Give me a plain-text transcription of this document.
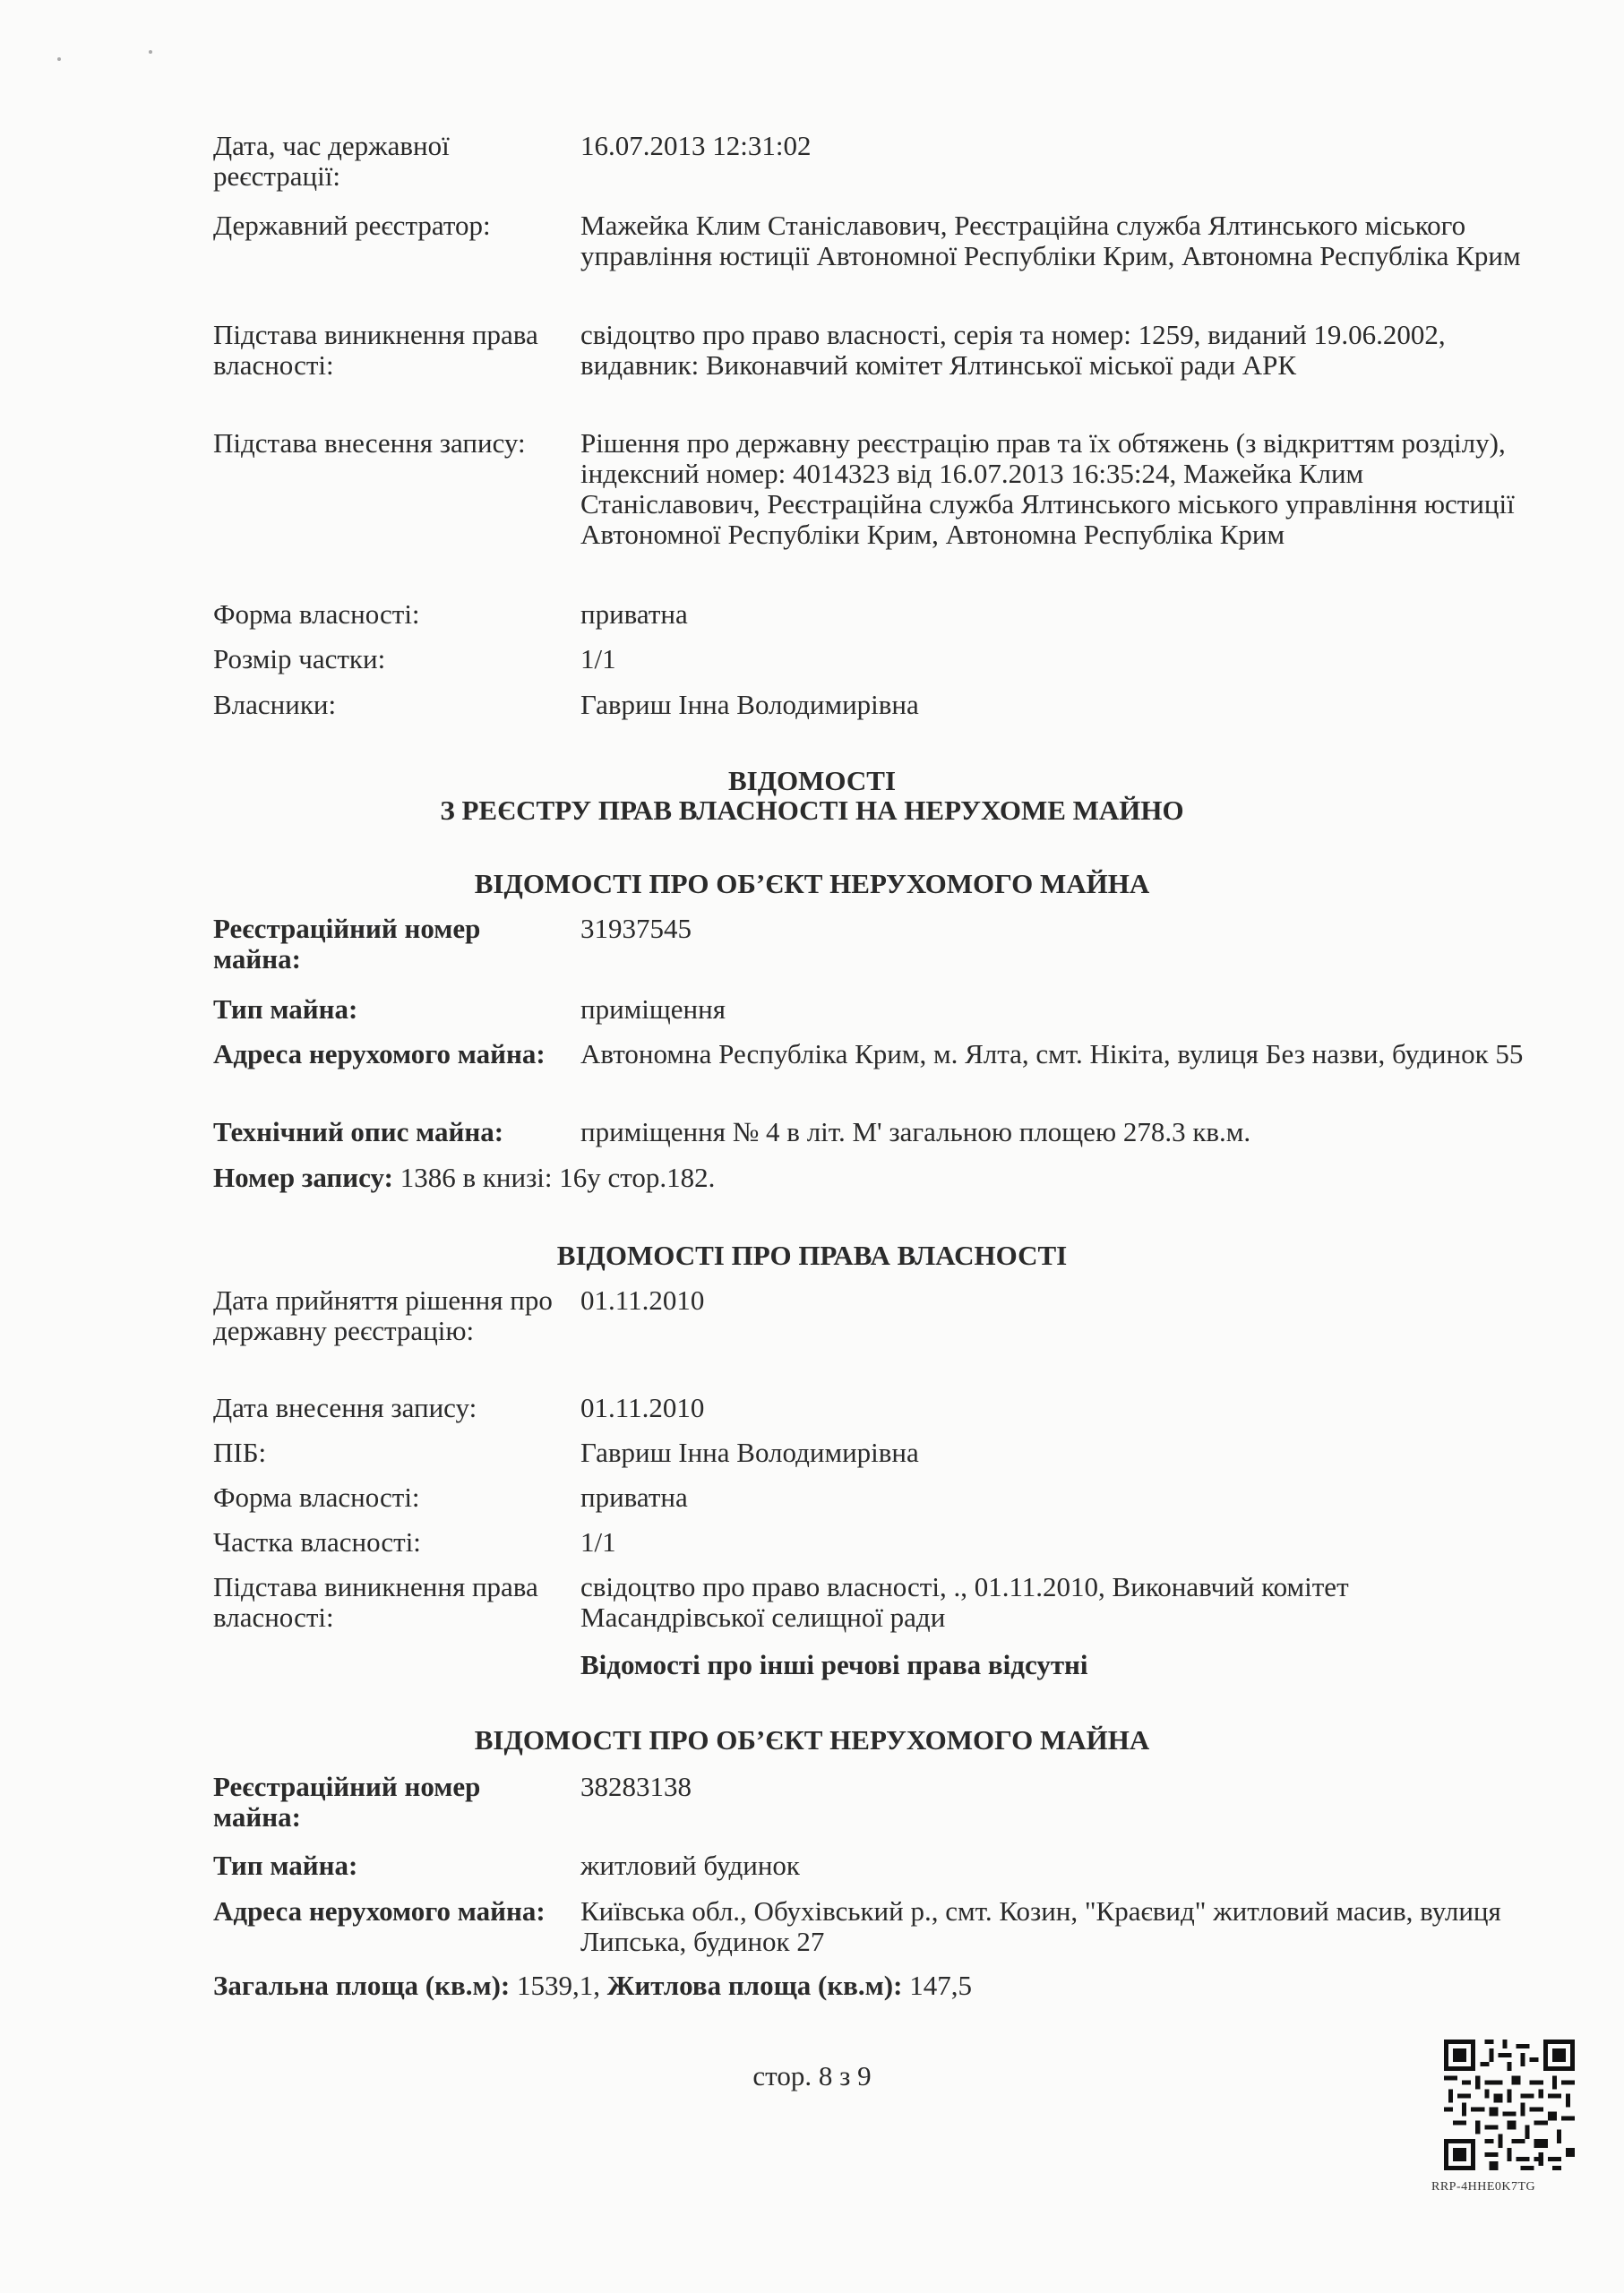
Дата, час державної реєстрації:
16.07.2013 12:31:02
Державний реєстратор:	Мажейка Клим Станіславович, Реєстраційна служба Ялтинського міського управління юстиції Автономної Республіки Крим, Автономна Республіка Крим
Підстава виникнення права власності:
свідоцтво про право власності, серія та номер: 1259, виданий 19.06.2002, видавник: Виконавчий комітет Ялтинської міської ради АРК
Підстава внесення запису:	Рішення про державну реєстрацію прав та їх обтяжень (з відкриттям розділу), індексний номер: 4014323 від 16.07.2013 16:35:24, Мажейка Клим Станіславович, Реєстраційна служба Ялтинського міського управління юстиції Автономної Республіки Крим, Автономна Республіка Крим
Форма власності:	приватна
Розмір частки:	1/1
Власники:	Гавриш Інна Володимирівна
ВІДОМОСТІ
З РЕЄСТРУ ПРАВ ВЛАСНОСТІ НА НЕРУХОМЕ МАЙНО
ВІДОМОСТІ ПРО ОБ’ЄКТ НЕРУХОМОГО МАЙНА
Реєстраційний номер майна:
31937545
Тип майна:	приміщення
Адреса нерухомого майна:	Автономна Республіка Крим, м. Ялта, смт. Нікіта, вулиця Без назви, будинок 55
Технічний опис майна:	приміщення № 4 в літ. М' загальною площею 278.3 кв.м.
Номер запису: 1386 в книзі: 16у стор.182.
ВІДОМОСТІ ПРО ПРАВА ВЛАСНОСТІ
Дата прийняття рішення про державну реєстрацію:
01.11.2010
Дата внесення запису:	01.11.2010
ПІБ:	Гавриш Інна Володимирівна
Форма власності:	приватна
Частка власності:	1/1
Підстава виникнення права власності:
свідоцтво про право власності, ., 01.11.2010, Виконавчий комітет Масандрівської селищної ради
Відомості про інші речові права відсутні
ВІДОМОСТІ ПРО ОБ’ЄКТ НЕРУХОМОГО МАЙНА
Реєстраційний номер майна:
38283138
Тип майна:	житловий будинок
Адреса нерухомого майна:	Київська обл., Обухівський р., смт. Козин, "Краєвид" житловий масив, вулиця Липська, будинок 27
Загальна площа (кв.м): 1539,1, Житлова площа (кв.м): 147,5
стор. 8 з 9
RRP-4HHE0K7TG
